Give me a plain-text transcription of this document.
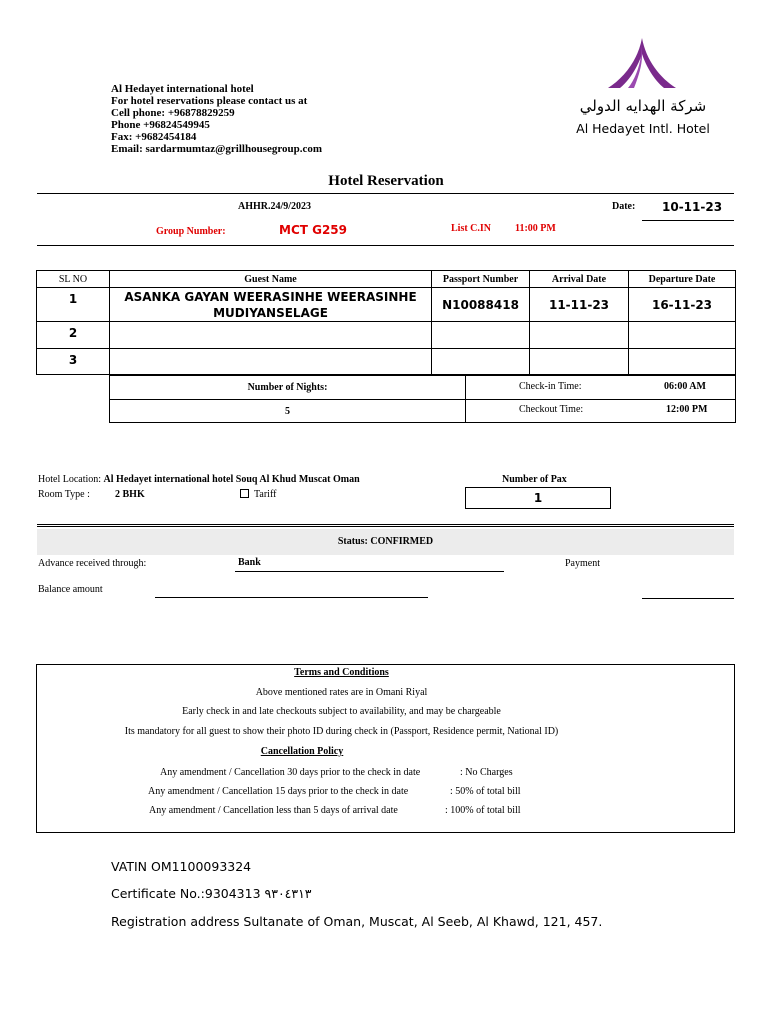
Al Hedayet international hotel
For hotel reservations please contact us at
Cell phone: +96878829259
Phone +96824549945
Fax: +9682454184
Email: sardarmumtaz@grillhousegroup.com
شركة الهدايه الدولي
Al Hedayet Intl. Hotel
Hotel Reservation
AHHR.24/9/2023	Date: 10-11-23
Group Number:	MCT G259	List C.IN 11:00 PM
SL NO	Guest Name	Passport Number	Arrival Date	Departure Date
1	ASANKA GAYAN WEERASINHE WEERASINHE MUDIYANSELAGE	N10088418	11-11-23	16-11-23
2				
3				
Number of Nights:	Check-in Time: 06:00 AM

5	Checkout Time: 12:00 PM
Hotel Location: Al Hedayet international hotel Souq Al Khud Muscat Oman
Room Type :	2 BHK	Tariff
Number of Pax
1
Status: CONFIRMED
Advance received through:	Bank	Payment
Balance amount
Terms and Conditions
Above mentioned rates are in Omani Riyal
Early check in and late checkouts subject to availability, and may be chargeable
Its mandatory for all guest to show their photo ID during check in (Passport, Residence permit, National ID)
Cancellation Policy
Any amendment / Cancellation 30 days prior to the check in date	: No Charges
Any amendment / Cancellation 15 days prior to the check in date	: 50% of total bill
Any amendment / Cancellation less than 5 days of arrival date	: 100% of total bill
VATIN OM1100093324
Certificate No.:9304313 ٩٣٠٤٣١٣
Registration address Sultanate of Oman, Muscat, Al Seeb, Al Khawd, 121, 457.
